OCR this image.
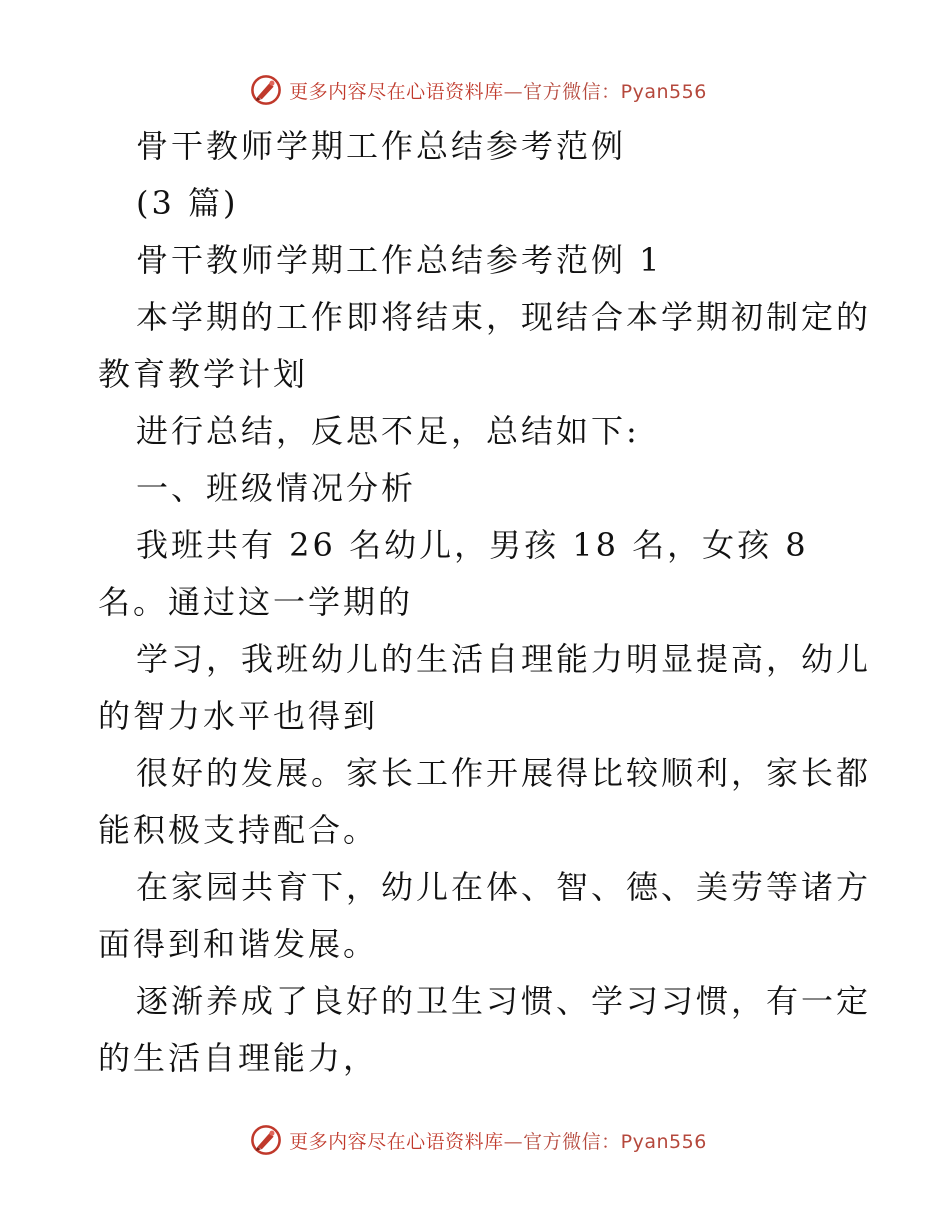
更多内容尽在心语资料库—官方微信：Pyan556
骨干教师学期工作总结参考范例
(3 篇)
骨干教师学期工作总结参考范例 1
本学期的工作即将结束，现结合本学期初制定的
教育教学计划
进行总结，反思不足，总结如下:
一、班级情况分析
我班共有 26 名幼儿，男孩 18 名，女孩 8
名。通过这一学期的
学习，我班幼儿的生活自理能力明显提高，幼儿
的智力水平也得到
很好的发展。家长工作开展得比较顺利，家长都
能积极支持配合。
在家园共育下，幼儿在体、智、德、美劳等诸方
面得到和谐发展。
逐渐养成了良好的卫生习惯、学习习惯，有一定
的生活自理能力，
更多内容尽在心语资料库—官方微信：Pyan556
